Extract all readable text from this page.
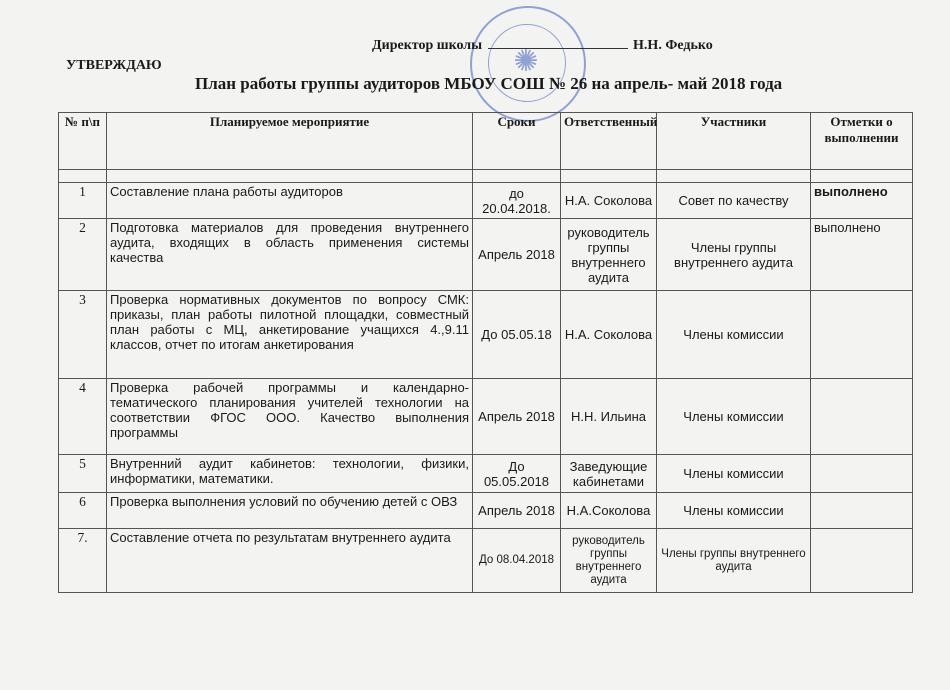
✺
Директор школы	Н.Н. Федько
УТВЕРЖДАЮ
План работы группы аудиторов МБОУ СОШ № 26 на апрель- май 2018 года
№ п\п	Планируемое мероприятие	Сроки	Ответственный	Участники	Отметки о выполнении

1	Составление плана работы аудиторов	до 20.04.2018.	Н.А. Соколова	Совет по качеству	выполнено
2	Подготовка материалов для проведения внутреннего аудита, входящих в область применения системы качества	Апрель 2018	руководитель группы внутреннего аудита	Члены группы внутреннего аудита	выполнено
3	Проверка нормативных документов по вопросу СМК: приказы, план работы пилотной площадки, совместный план работы с МЦ, анкетирование учащихся 4.,9.11 классов, отчет по итогам анкетирования	До 05.05.18	Н.А. Соколова	Члены комиссии	
4	Проверка рабочей программы и календарно-тематического планирования учителей технологии на соответствии ФГОС ООО. Качество выполнения программы	Апрель 2018	Н.Н. Ильина	Члены комиссии	
5	Внутренний аудит кабинетов: технологии, физики, информатики, математики.	До 05.05.2018	Заведующие кабинетами	Члены комиссии	
6	Проверка выполнения условий по обучению детей с ОВЗ	Апрель 2018	Н.А.Соколова	Члены комиссии	
7.	Составление отчета по результатам внутреннего аудита	До 08.04.2018	руководитель группы внутреннего аудита	Члены группы внутреннего аудита	
